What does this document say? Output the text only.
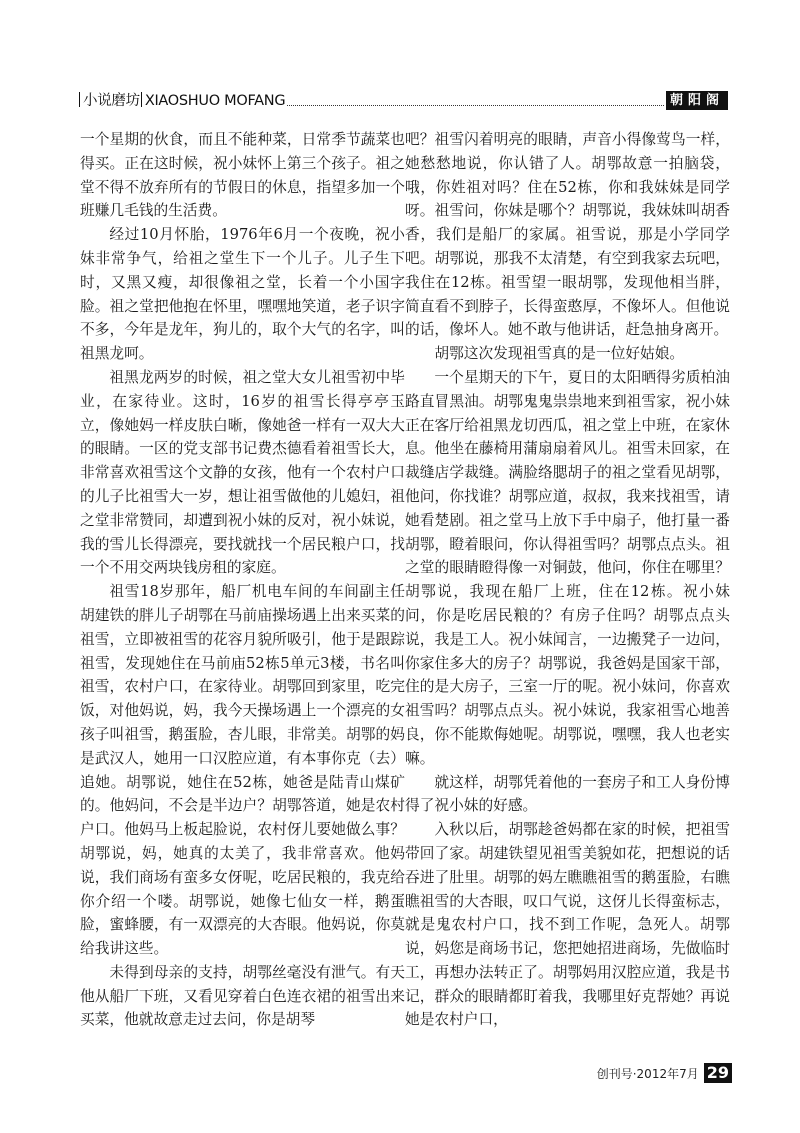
小说磨坊 XIAOSHUO MOFANG	朝阳阁

一个星期的伙食，而且不能种菜，日常季节蔬菜也得买。正在这时候，祝小妹怀上第三个孩子。祖之堂不得不放弃所有的节假日的休息，指望多加一个班赚几毛钱的生活费。

经过10月怀胎，1976年6月一个夜晚，祝小妹非常争气，给祖之堂生下一个儿子。儿子生下时，又黑又瘦，却很像祖之堂，长着一个小国字脸。祖之堂把他抱在怀里，嘿嘿地笑道，老子识字不多，今年是龙年，狗儿的，取个大气的名字，叫祖黑龙呵。

祖黑龙两岁的时候，祖之堂大女儿祖雪初中毕业，在家待业。这时，16岁的祖雪长得亭亭玉立，像她妈一样皮肤白晰，像她爸一样有一双大大的眼睛。一区的党支部书记费杰德看着祖雪长大，非常喜欢祖雪这个文静的女孩，他有一个农村户口的儿子比祖雪大一岁，想让祖雪做他的儿媳妇，祖之堂非常赞同，却遭到祝小妹的反对，祝小妹说，我的雪儿长得漂亮，要找就找一个居民粮户口，找一个不用交两块钱房租的家庭。

祖雪18岁那年，船厂机电车间的车间副主任胡建铁的胖儿子胡鄂在马前庙操场遇上出来买菜的祖雪，立即被祖雪的花容月貌所吸引，他于是跟踪祖雪，发现她住在马前庙52栋5单元3楼，书名叫祖雪，农村户口，在家待业。胡鄂回到家里，吃完饭，对他妈说，妈，我今天操场遇上一个漂亮的女孩子叫祖雪，鹅蛋脸，杏儿眼，非常美。胡鄂的妈是武汉人，她用一口汉腔应道，有本事你克（去）追她。胡鄂说，她住在52栋，她爸是陆青山煤矿的。他妈问，不会是半边户？胡鄂答道，她是农村户口。他妈马上板起脸说，农村伢儿要她做么事？胡鄂说，妈，她真的太美了，我非常喜欢。他妈说，我们商场有蛮多女伢呢，吃居民粮的，我克给你介绍一个喽。胡鄂说，她像七仙女一样，鹅蛋脸，蜜蜂腰，有一双漂亮的大杏眼。他妈说，你莫给我讲这些。

未得到母亲的支持，胡鄂丝毫没有泄气。有天他从船厂下班，又看见穿着白色连衣裙的祖雪出来买菜，他就故意走过去问，你是胡琴

吧？祖雪闪着明亮的眼睛，声音小得像莺鸟一样，她愁愁地说，你认错了人。胡鄂故意一拍脑袋，哦，你姓祖对吗？住在52栋，你和我妹妹是同学呀。祖雪问，你妹是哪个？胡鄂说，我妹妹叫胡香香，我们是船厂的家属。祖雪说，那是小学同学吧。胡鄂说，那我不太清楚，有空到我家去玩吧，我住在12栋。祖雪望一眼胡鄂，发现他相当胖，简直看不到脖子，长得蛮憨厚，不像坏人。但他说的话，像坏人。她不敢与他讲话，赶急抽身离开。

胡鄂这次发现祖雪真的是一位好姑娘。

一个星期天的下午，夏日的太阳晒得劣质柏油路直冒黑油。胡鄂鬼鬼祟祟地来到祖雪家，祝小妹正在客厅给祖黑龙切西瓜，祖之堂上中班，在家休息。他坐在藤椅用蒲扇扇着风儿。祖雪未回家，在裁缝店学裁缝。满脸络腮胡子的祖之堂看见胡鄂，他问，你找谁？胡鄂应道，叔叔，我来找祖雪，请她看楚剧。祖之堂马上放下手中扇子，他打量一番胡鄂，瞪着眼问，你认得祖雪吗？胡鄂点点头。祖之堂的眼睛瞪得像一对铜鼓，他问，你住在哪里？胡鄂说，我现在船厂上班，住在12栋。祝小妹问，你是吃居民粮的？有房子住吗？胡鄂点点头说，我是工人。祝小妹闻言，一边搬凳子一边问，你家住多大的房子？胡鄂说，我爸妈是国家干部，住的是大房子，三室一厅的呢。祝小妹问，你喜欢祖雪吗？胡鄂点点头。祝小妹说，我家祖雪心地善良，你不能欺侮她呢。胡鄂说，嘿嘿，我人也老实嘛。

就这样，胡鄂凭着他的一套房子和工人身份博得了祝小妹的好感。

入秋以后，胡鄂趁爸妈都在家的时候，把祖雪带回了家。胡建铁望见祖雪美貌如花，把想说的话吞进了肚里。胡鄂的妈左瞧瞧祖雪的鹅蛋脸，右瞧瞧祖雪的大杏眼，叹口气说，这伢儿长得蛮标志，就是鬼农村户口，找不到工作呢，急死人。胡鄂说，妈您是商场书记，您把她招进商场，先做临时工，再想办法转正了。胡鄂妈用汉腔应道，我是书记，群众的眼睛都盯着我，我哪里好克帮她？再说她是农村户口，

创刊号·2012年7月 29
